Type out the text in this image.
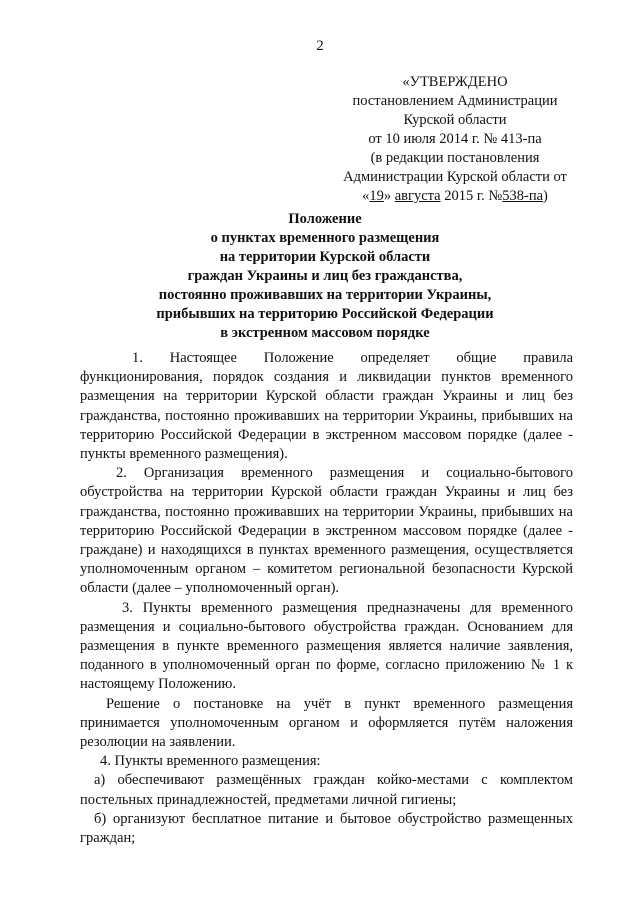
2
«УТВЕРЖДЕНО
постановлением Администрации
Курской области
от 10 июля 2014 г. № 413-па
(в редакции постановления
Администрации Курской области от
«19» августа 2015 г. №538-па)
Положение
о пунктах временного размещения
на территории Курской области
граждан Украины и лиц без гражданства,
постоянно проживавших на территории Украины,
прибывших на территорию Российской Федерации
в экстренном массовом порядке

1. Настоящее Положение определяет общие правила функционирования, порядок создания и ликвидации пунктов временного размещения на территории Курской области граждан Украины и лиц без гражданства, постоянно проживавших на территории Украины, прибывших на территорию Российской Федерации в экстренном массовом порядке (далее - пункты временного размещения).

2. Организация временного размещения и социально-бытового обустройства на территории Курской области граждан Украины и лиц без гражданства, постоянно проживавших на территории Украины, прибывших на территорию Российской Федерации в экстренном массовом порядке (далее - граждане) и находящихся в пунктах временного размещения, осуществляется уполномоченным органом – комитетом региональной безопасности Курской области (далее – уполномоченный орган).

3. Пункты временного размещения предназначены для временного размещения и социально-бытового обустройства граждан. Основанием для размещения в пункте временного размещения является наличие заявления, поданного в уполномоченный орган по форме, согласно приложению № 1 к настоящему Положению.

Решение о постановке на учёт в пункт временного размещения принимается уполномоченным органом и оформляется путём наложения резолюции на заявлении.

4. Пункты временного размещения:

а) обеспечивают размещённых граждан койко-местами с комплектом постельных принадлежностей, предметами личной гигиены;

б) организуют бесплатное питание и бытовое обустройство размещенных граждан;
